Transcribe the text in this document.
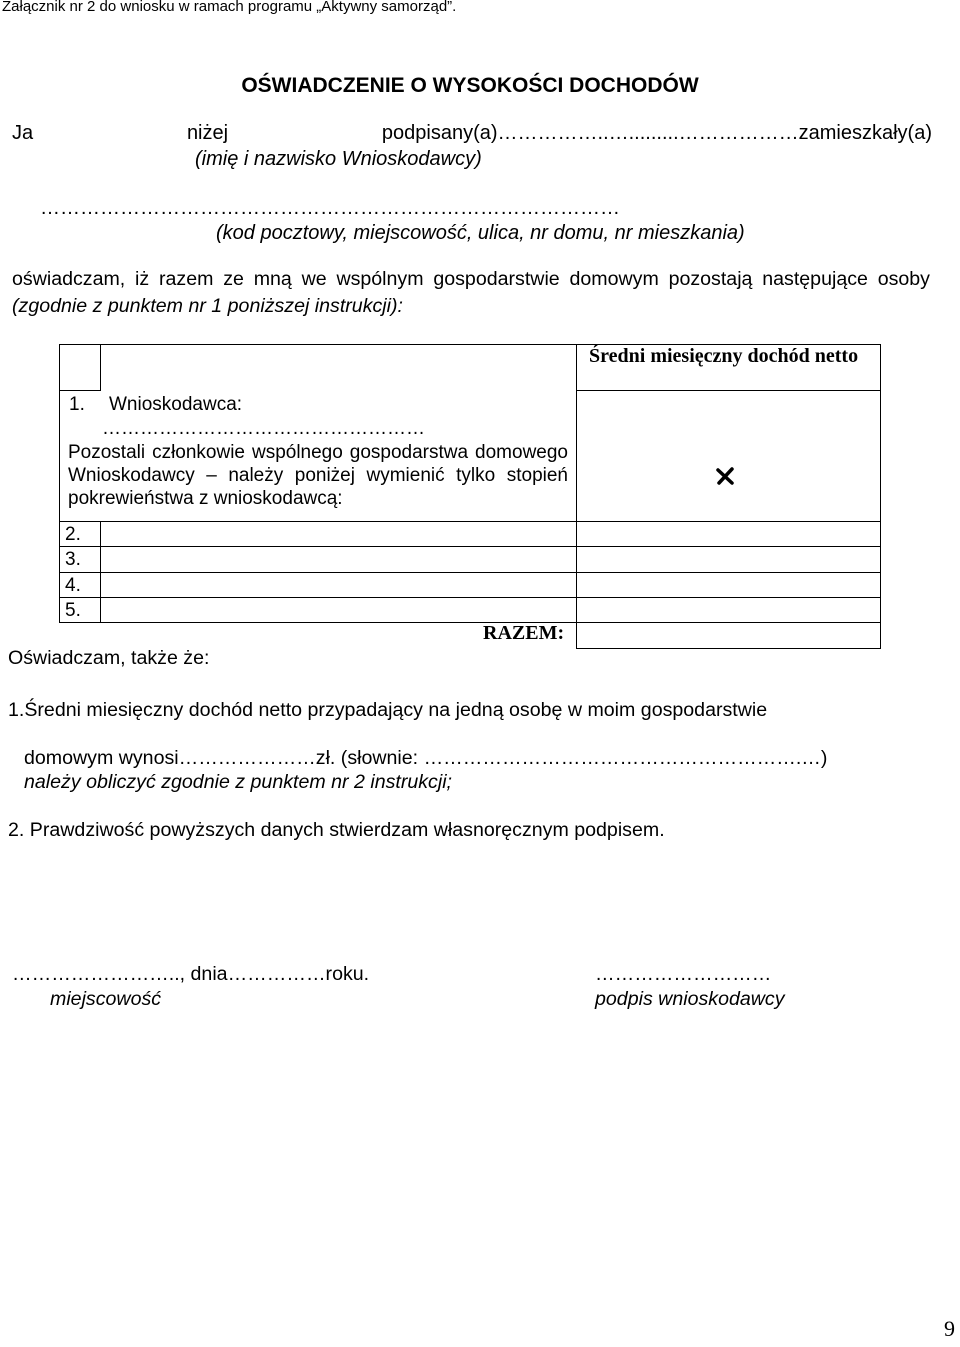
Załącznik nr 2 do wniosku w ramach programu „Aktywny samorząd”.
OŚWIADCZENIE O WYSOKOŚCI DOCHODÓW
Ja	niżej	podpisany(a)……………..….........………………zamieszkały(a)
(imię i nazwisko Wnioskodawcy)
……………………………………………………………………………
(kod pocztowy, miejscowość, ulica, nr domu, nr mieszkania)
oświadczam, iż razem ze mną we wspólnym gospodarstwie domowym pozostają następujące osoby
(zgodnie z punktem nr 1 poniższej instrukcji):
Średni miesięczny dochód netto
1. Wnioskodawca:
……………………………………………
Pozostali członkowie wspólnego gospodarstwa domowego Wnioskodawcy – należy poniżej wymienić tylko stopień pokrewieństwa z wnioskodawcą:
2.
3.
4.
5.
RAZEM:
Oświadczam, także że:
1.Średni miesięczny dochód netto przypadający na jedną osobę w moim gospodarstwie
domowym wynosi…………………zł. (słownie: ………………………………………………….…)
należy obliczyć zgodnie z punktem nr 2 instrukcji;
2. Prawdziwość powyższych danych stwierdzam własnoręcznym podpisem.
…………………….., dnia……………roku.
miejscowość
………………………
podpis wnioskodawcy
9
